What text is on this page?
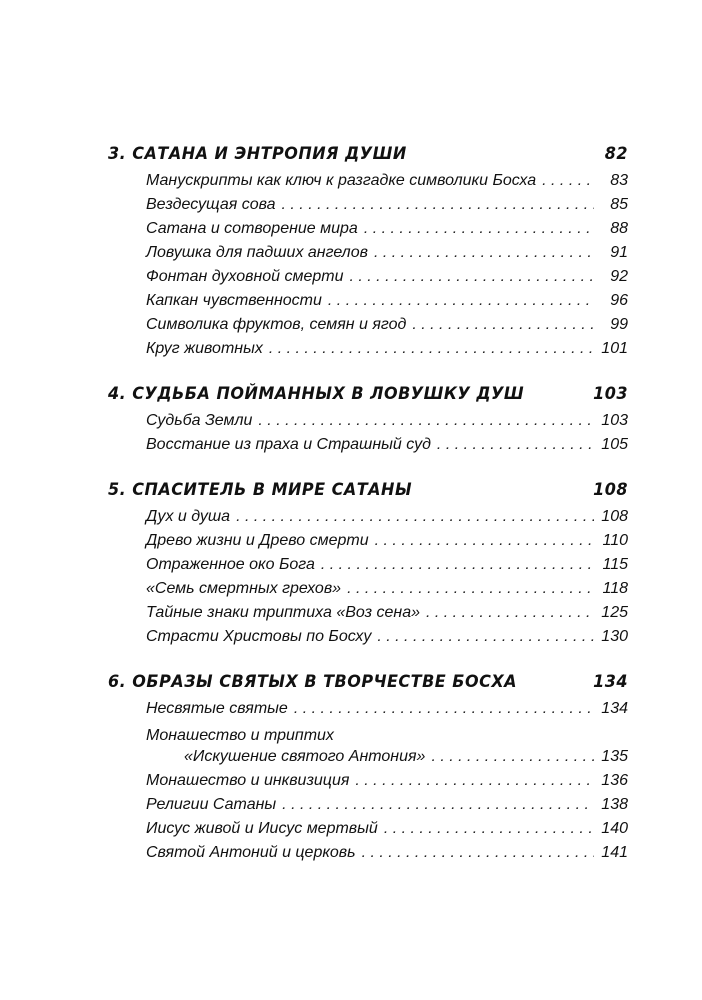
3. САТАНА И ЭНТРОПИЯ ДУШИ	82
Манускрипты как ключ к разгадке символики Босха . . .	83
Вездесущая сова . . .	85
Сатана и сотворение мира . . .	88
Ловушка для падших ангелов . . .	91
Фонтан духовной смерти . . .	92
Капкан чувственности . . .	96
Символика фруктов, семян и ягод . . .	99
Круг животных . . .	101
4. СУДЬБА ПОЙМАННЫХ В ЛОВУШКУ ДУШ	103
Судьба Земли . . .	103
Восстание из праха и Страшный суд . . .	105
5. СПАСИТЕЛЬ В МИРЕ САТАНЫ	108
Дух и душа . . .	108
Древо жизни и Древо смерти . . .	110
Отраженное око Бога . . .	115
«Семь смертных грехов» . . .	118
Тайные знаки триптиха «Воз сена» . . .	125
Страсти Христовы по Босху . . .	130
6. ОБРАЗЫ СВЯТЫХ В ТВОРЧЕСТВЕ БОСХА	134
Несвятые святые . . .	134
Монашество и триптих
«Искушение святого Антония» . . .	135
Монашество и инквизиция . . .	136
Религии Сатаны . . .	138
Иисус живой и Иисус мертвый . . .	140
Святой Антоний и церковь . . .	141
